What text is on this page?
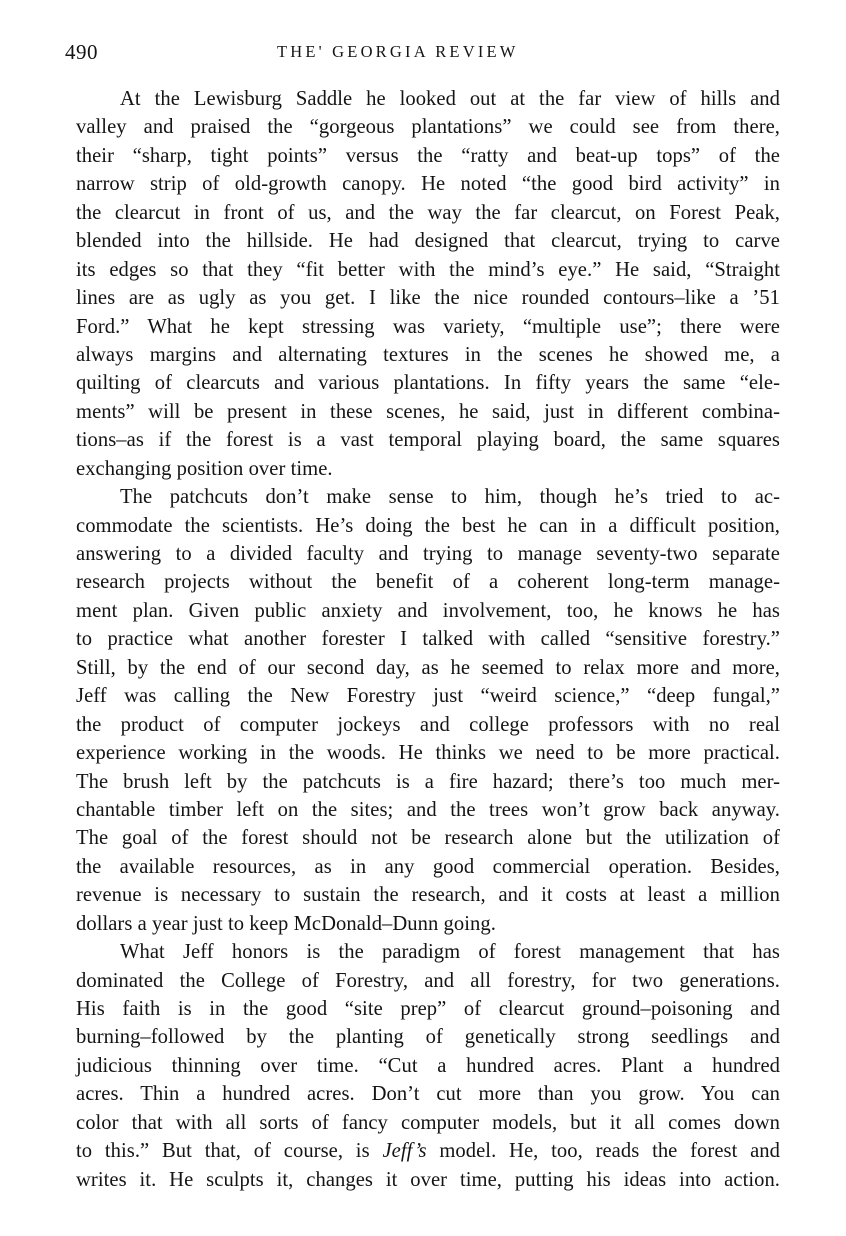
490	THE' GEORGIA REVIEW
At the Lewisburg Saddle he looked out at the far view of hills and
valley and praised the “gorgeous plantations” we could see from there,
their “sharp, tight points” versus the “ratty and beat-up tops” of the
narrow strip of old-growth canopy. He noted “the good bird activity” in
the clearcut in front of us, and the way the far clearcut, on Forest Peak,
blended into the hillside. He had designed that clearcut, trying to carve
its edges so that they “fit better with the mind’s eye.” He said, “Straight
lines are as ugly as you get. I like the nice rounded contours–like a ’51
Ford.” What he kept stressing was variety, “multiple use”; there were
always margins and alternating textures in the scenes he showed me, a
quilting of clearcuts and various plantations. In fifty years the same “ele-
ments” will be present in these scenes, he said, just in different combina-
tions–as if the forest is a vast temporal playing board, the same squares
exchanging position over time.
The patchcuts don’t make sense to him, though he’s tried to ac-
commodate the scientists. He’s doing the best he can in a difficult position,
answering to a divided faculty and trying to manage seventy-two separate
research projects without the benefit of a coherent long-term manage-
ment plan. Given public anxiety and involvement, too, he knows he has
to practice what another forester I talked with called “sensitive forestry.”
Still, by the end of our second day, as he seemed to relax more and more,
Jeff was calling the New Forestry just “weird science,” “deep fungal,”
the product of computer jockeys and college professors with no real
experience working in the woods. He thinks we need to be more practical.
The brush left by the patchcuts is a fire hazard; there’s too much mer-
chantable timber left on the sites; and the trees won’t grow back anyway.
The goal of the forest should not be research alone but the utilization of
the available resources, as in any good commercial operation. Besides,
revenue is necessary to sustain the research, and it costs at least a million
dollars a year just to keep McDonald–Dunn going.
What Jeff honors is the paradigm of forest management that has
dominated the College of Forestry, and all forestry, for two generations.
His faith is in the good “site prep” of clearcut ground–poisoning and
burning–followed by the planting of genetically strong seedlings and
judicious thinning over time. “Cut a hundred acres. Plant a hundred
acres. Thin a hundred acres. Don’t cut more than you grow. You can
color that with all sorts of fancy computer models, but it all comes down
to this.” But that, of course, is Jeff’s model. He, too, reads the forest and
writes it. He sculpts it, changes it over time, putting his ideas into action.
